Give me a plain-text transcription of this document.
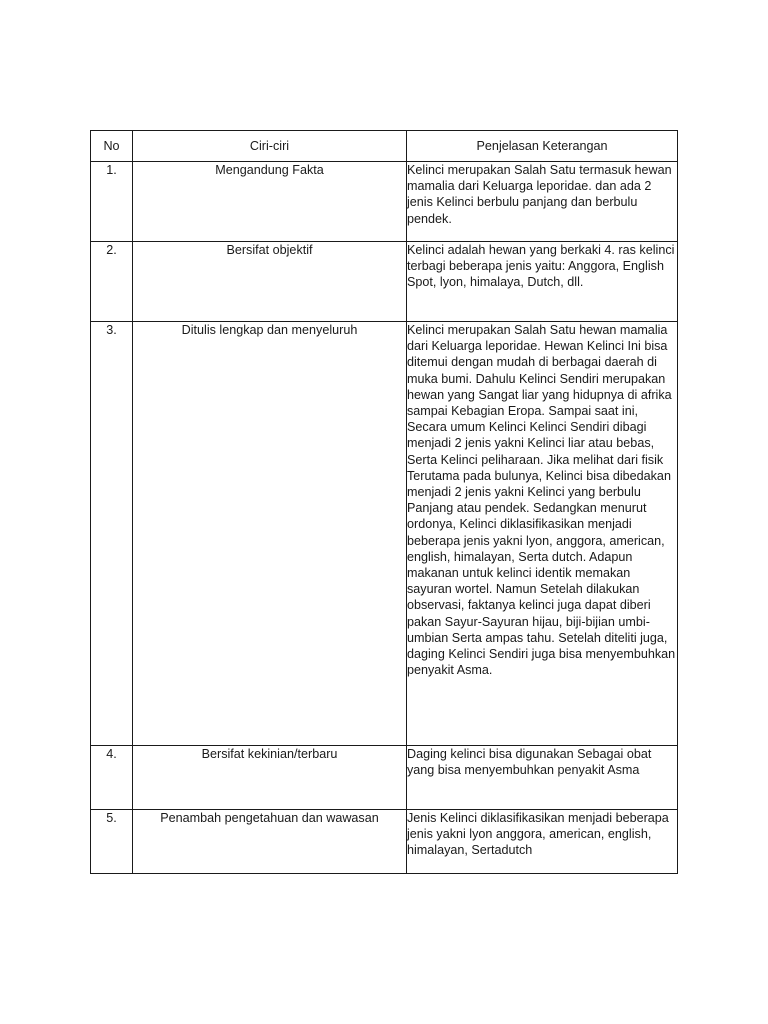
No	Ciri-ciri	Penjelasan Keterangan
1.	Mengandung Fakta	Kelinci merupakan Salah Satu termasuk hewan mamalia dari Keluarga leporidae. dan ada 2 jenis Kelinci berbulu panjang dan berbulu pendek.
2.	Bersifat objektif	Kelinci adalah hewan yang berkaki 4. ras kelinci terbagi beberapa jenis yaitu: Anggora, English Spot, lyon, himalaya, Dutch, dll.
3.	Ditulis lengkap dan menyeluruh	Kelinci merupakan Salah Satu hewan mamalia dari Keluarga leporidae. Hewan Kelinci Ini bisa ditemui dengan mudah di berbagai daerah di muka bumi. Dahulu Kelinci Sendiri merupakan hewan yang Sangat liar yang hidupnya di afrika sampai Kebagian Eropa. Sampai saat ini, Secara umum Kelinci Kelinci Sendiri dibagi menjadi 2 jenis yakni Kelinci liar atau bebas, Serta Kelinci peliharaan. Jika melihat dari fisik Terutama pada bulunya, Kelinci bisa dibedakan menjadi 2 jenis yakni Kelinci yang berbulu Panjang atau pendek. Sedangkan menurut ordonya, Kelinci diklasifikasikan menjadi beberapa jenis yakni lyon, anggora, american, english, himalayan, Serta dutch. Adapun makanan untuk kelinci identik memakan sayuran wortel. Namun Setelah dilakukan observasi, faktanya kelinci juga dapat diberi pakan Sayur-Sayuran hijau, biji-bijian umbi-umbian Serta ampas tahu. Setelah diteliti juga, daging Kelinci Sendiri juga bisa menyembuhkan penyakit Asma.
4.	Bersifat kekinian/terbaru	Daging kelinci bisa digunakan Sebagai obat yang bisa menyembuhkan penyakit Asma
5.	Penambah pengetahuan dan wawasan	Jenis Kelinci diklasifikasikan menjadi beberapa jenis yakni lyon anggora, american, english, himalayan, Sertadutch
